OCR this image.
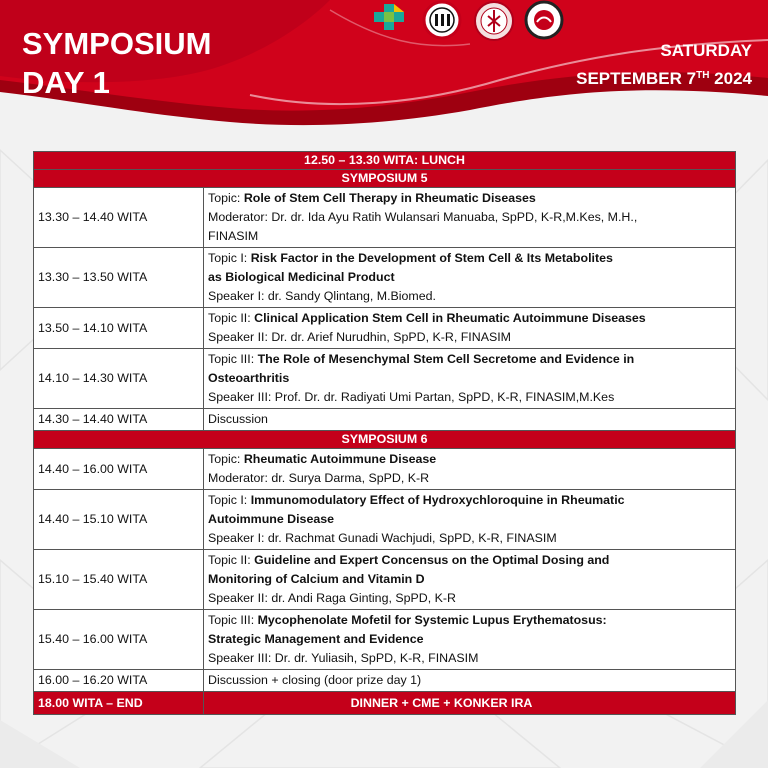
SYMPOSIUM
DAY 1
SATURDAY
SEPTEMBER 7TH 2024
12.50 – 13.30 WITA: LUNCH	
SYMPOSIUM 5	
13.30 – 14.40 WITA	Topic: Role of Stem Cell Therapy in Rheumatic Diseases
Moderator: Dr. dr. Ida Ayu Ratih Wulansari Manuaba, SpPD, K-R,M.Kes, M.H.,
FINASIM

13.30 – 13.50 WITA	Topic I: Risk Factor in the Development of Stem Cell & Its Metabolites
as Biological Medicinal Product
Speaker I: dr. Sandy Qlintang, M.Biomed.

13.50 – 14.10 WITA	Topic II: Clinical Application Stem Cell in Rheumatic Autoimmune Diseases
Speaker II: Dr. dr. Arief Nurudhin, SpPD, K-R, FINASIM

14.10 – 14.30 WITA	Topic III: The Role of Mesenchymal Stem Cell Secretome and Evidence in
Osteoarthritis
Speaker III: Prof. Dr. dr. Radiyati Umi Partan, SpPD, K-R, FINASIM,M.Kes

14.30 – 14.40 WITA	Discussion
SYMPOSIUM 6	
14.40 – 16.00 WITA	Topic: Rheumatic Autoimmune Disease
Moderator: dr. Surya Darma, SpPD, K-R

14.40 – 15.10 WITA	Topic I: Immunomodulatory Effect of Hydroxychloroquine in Rheumatic
Autoimmune Disease
Speaker I: dr. Rachmat Gunadi Wachjudi, SpPD, K-R, FINASIM

15.10 – 15.40 WITA	Topic II: Guideline and Expert Concensus on the Optimal Dosing and
Monitoring of Calcium and Vitamin D
Speaker II: dr. Andi Raga Ginting, SpPD, K-R

15.40 – 16.00 WITA	Topic III: Mycophenolate Mofetil for Systemic Lupus Erythematosus:
Strategic Management and Evidence
Speaker III: Dr. dr. Yuliasih, SpPD, K-R, FINASIM

16.00 – 16.20 WITA	Discussion + closing (door prize day 1)
18.00 WITA – END	DINNER + CME + KONKER IRA
